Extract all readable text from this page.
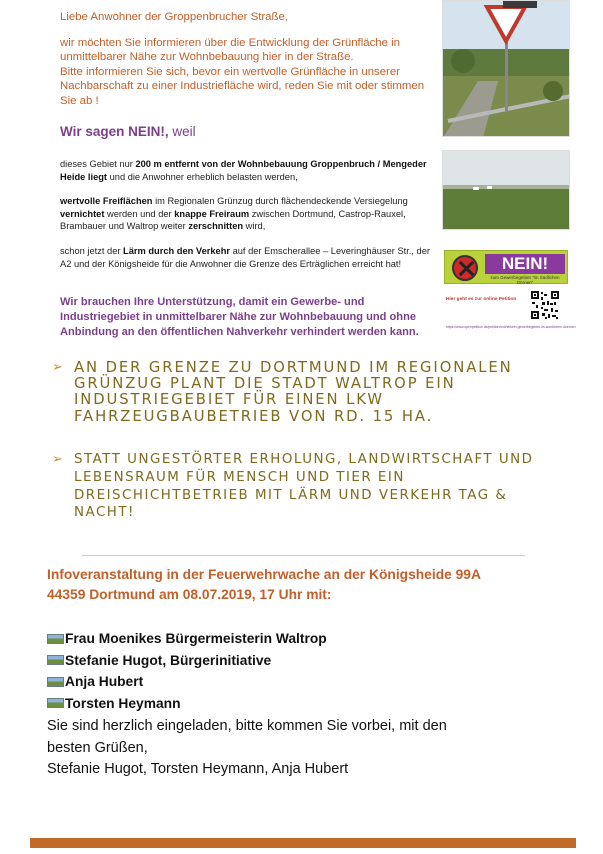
Liebe Anwohner der Groppenbrucher Straße,

wir möchten Sie informieren über die Entwicklung der Grünfläche in unmittelbarer Nähe zur Wohnbebauung hier in der Straße.

Bitte informieren Sie sich, bevor ein wertvolle Grünfläche in unserer Nachbarschaft zu einer Industriefläche wird, reden Sie mit oder stimmen Sie ab !

Wir sagen NEIN!, weil
dieses Gebiet nur 200 m entfernt von der Wohnbebauung Groppenbruch / Mengeder Heide liegt und die Anwohner erheblich belasten werden,
wertvolle Freiflächen im Regionalen Grünzug durch flächendeckende Versiegelung vernichtet werden und der knappe Freiraum zwischen Dortmund, Castrop-Rauxel, Brambauer und Waltrop weiter zerschnitten wird,
schon jetzt der Lärm durch den Verkehr auf der Emscherallee – Leveringhäuser Str., der A2 und der Königsheide für die Anwohner die Grenze des Erträglichen erreicht hat!
Wir brauchen Ihre Unterstützung, damit ein Gewerbe- und Industriegebiet in unmittelbarer Nähe zur Wohnbebauung und ohne Anbindung an den öffentlichen Nahverkehr verhindert werden kann.
NEIN!
zum Gewerbegebiet "Im Südlichen Dörnen"
Hier geht es zur online Petition
https://www.openpetition.de/petition/online/kein-gewerbegebiet-im-suedlichen-doernen
➢ AN DER GRENZE ZU DORTMUND IM REGIONALEN GRÜNZUG PLANT DIE STADT WALTROP EIN INDUSTRIEGEBIET FÜR EINEN LKW FAHRZEUGBAUBETRIEB VON RD. 15 HA.
➢ STATT UNGESTÖRTER ERHOLUNG, LANDWIRTSCHAFT UND LEBENSRAUM FÜR MENSCH UND TIER EIN DREISCHICHTBETRIEB MIT LÄRM UND VERKEHR TAG & NACHT!
Infoveranstaltung in der Feuerwehrwache an der Königsheide 99A
44359 Dortmund am 08.07.2019, 17 Uhr mit:
Frau Moenikes Bürgermeisterin Waltrop
Stefanie Hugot, Bürgerinitiative
Anja Hubert
Torsten Heymann
Sie sind herzlich eingeladen, bitte kommen Sie vorbei, mit den
besten Grüßen,
Stefanie Hugot, Torsten Heymann, Anja Hubert
